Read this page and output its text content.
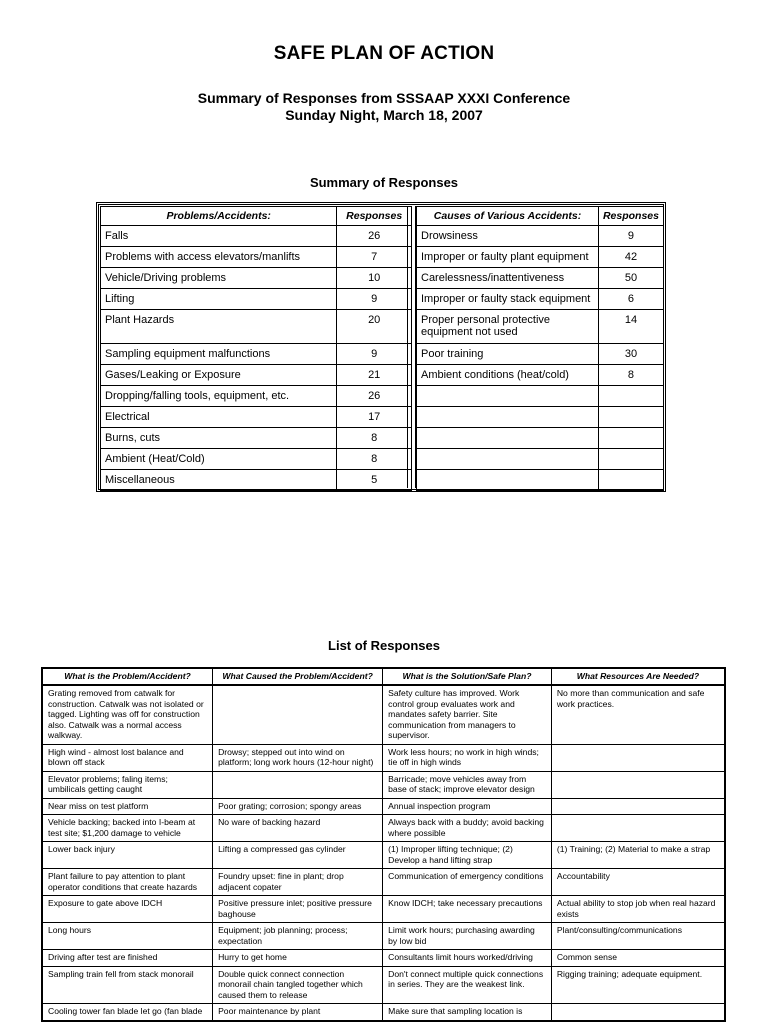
SAFE PLAN OF ACTION
Summary of Responses from SSSAAP XXXI Conference
Sunday Night, March 18, 2007
Summary of Responses
Problems/Accidents:	Responses
Falls	26
Problems with access elevators/manlifts	7
Vehicle/Driving problems	10
Lifting	9
Plant Hazards	20
Sampling equipment malfunctions	9
Gases/Leaking or Exposure	21
Dropping/falling tools, equipment, etc.	26
Electrical	17
Burns, cuts	8
Ambient (Heat/Cold)	8
Miscellaneous	5
Causes of Various Accidents:	Responses
Drowsiness	9
Improper or faulty plant equipment	42
Carelessness/inattentiveness	50
Improper or faulty stack equipment	6
Proper personal protective equipment not used	14
Poor training	30
Ambient conditions (heat/cold)	8

List of Responses
What is the Problem/Accident?	What Caused the Problem/Accident?	What is the Solution/Safe Plan?	What Resources Are Needed?
Grating removed from catwalk for construction. Catwalk was not isolated or tagged. Lighting was off for construction also. Catwalk was a normal access walkway.		Safety culture has improved. Work control group evaluates work and mandates safety barrier. Site communication from managers to supervisor.	No more than communication and safe work practices.
High wind - almost lost balance and blown off stack	Drowsy; stepped out into wind on platform; long work hours (12-hour night)	Work less hours; no work in high winds; tie off in high winds	
Elevator problems; faling items; umbilicals getting caught		Barricade; move vehicles away from base of stack; improve elevator design	
Near miss on test platform	Poor grating; corrosion; spongy areas	Annual inspection program	
Vehicle backing; backed into I-beam at test site; $1,200 damage to vehicle	No ware of backing hazard	Always back with a buddy; avoid backing where possible	
Lower back injury	Lifting a compressed gas cylinder	(1) Improper lifting technique; (2) Develop a hand lifting strap	(1) Training; (2) Material to make a strap
Plant failure to pay attention to plant operator conditions that create hazards	Foundry upset: fine in plant; drop adjacent copater	Communication of emergency conditions	Accountability
Exposure to gate above IDCH	Positive pressure inlet; positive pressure baghouse	Know IDCH; take necessary precautions	Actual ability to stop job when real hazard exists
Long hours	Equipment; job planning; process; expectation	Limit work hours; purchasing awarding by low bid	Plant/consulting/communications
Driving after test are finished	Hurry to get home	Consultants limit hours worked/driving	Common sense
Sampling train fell from stack monorail	Double quick connect connection monorail chain tangled together which caused them to release	Don't connect multiple quick connections in series. They are the weakest link.	Rigging training; adequate equipment.
Cooling tower fan blade let go (fan blade	Poor maintenance by plant	Make sure that sampling location is	
